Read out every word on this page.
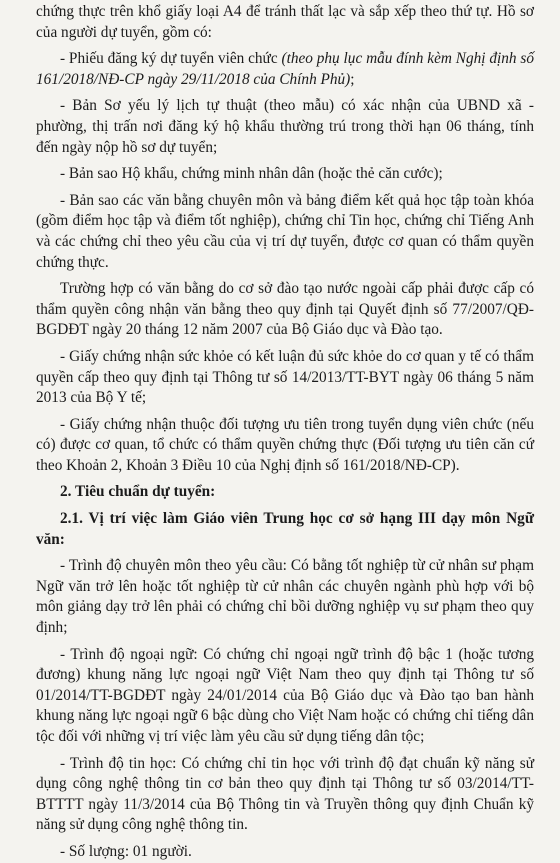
chứng thực trên khổ giấy loại A4 để tránh thất lạc và sắp xếp theo thứ tự. Hồ sơ của người dự tuyển, gồm có:

- Phiếu đăng ký dự tuyển viên chức (theo phụ lục mẫu đính kèm Nghị định số 161/2018/NĐ-CP ngày 29/11/2018 của Chính Phủ);

- Bản Sơ yếu lý lịch tự thuật (theo mẫu) có xác nhận của UBND xã - phường, thị trấn nơi đăng ký hộ khẩu thường trú trong thời hạn 06 tháng, tính đến ngày nộp hồ sơ dự tuyển;

- Bản sao Hộ khẩu, chứng minh nhân dân (hoặc thẻ căn cước);

- Bản sao các văn bằng chuyên môn và bảng điểm kết quả học tập toàn khóa (gồm điểm học tập và điểm tốt nghiệp), chứng chỉ Tin học, chứng chỉ Tiếng Anh và các chứng chỉ theo yêu cầu của vị trí dự tuyển, được cơ quan có thẩm quyền chứng thực.

Trường hợp có văn bằng do cơ sở đào tạo nước ngoài cấp phải được cấp có thẩm quyền công nhận văn bằng theo quy định tại Quyết định số 77/2007/QĐ-BGDĐT ngày 20 tháng 12 năm 2007 của Bộ Giáo dục và Đào tạo.

- Giấy chứng nhận sức khỏe có kết luận đủ sức khỏe do cơ quan y tế có thẩm quyền cấp theo quy định tại Thông tư số 14/2013/TT-BYT ngày 06 tháng 5 năm 2013 của Bộ Y tế;

- Giấy chứng nhận thuộc đối tượng ưu tiên trong tuyển dụng viên chức (nếu có) được cơ quan, tổ chức có thẩm quyền chứng thực (Đối tượng ưu tiên căn cứ theo Khoản 2, Khoản 3 Điều 10 của Nghị định số 161/2018/NĐ-CP).

2. Tiêu chuẩn dự tuyển:

2.1. Vị trí việc làm Giáo viên Trung học cơ sở hạng III dạy môn Ngữ văn:

- Trình độ chuyên môn theo yêu cầu: Có bằng tốt nghiệp từ cử nhân sư phạm Ngữ văn trở lên hoặc tốt nghiệp từ cử nhân các chuyên ngành phù hợp với bộ môn giảng dạy trở lên phải có chứng chỉ bồi dưỡng nghiệp vụ sư phạm theo quy định;

- Trình độ ngoại ngữ: Có chứng chỉ ngoại ngữ trình độ bậc 1 (hoặc tương đương) khung năng lực ngoại ngữ Việt Nam theo quy định tại Thông tư số 01/2014/TT-BGDĐT ngày 24/01/2014 của Bộ Giáo dục và Đào tạo ban hành khung năng lực ngoại ngữ 6 bậc dùng cho Việt Nam hoặc có chứng chỉ tiếng dân tộc đối với những vị trí việc làm yêu cầu sử dụng tiếng dân tộc;

- Trình độ tin học: Có chứng chỉ tin học với trình độ đạt chuẩn kỹ năng sử dụng công nghệ thông tin cơ bản theo quy định tại Thông tư số 03/2014/TT-BTTTT ngày 11/3/2014 của Bộ Thông tin và Truyền thông quy định Chuẩn kỹ năng sử dụng công nghệ thông tin.

- Số lượng: 01 người.
